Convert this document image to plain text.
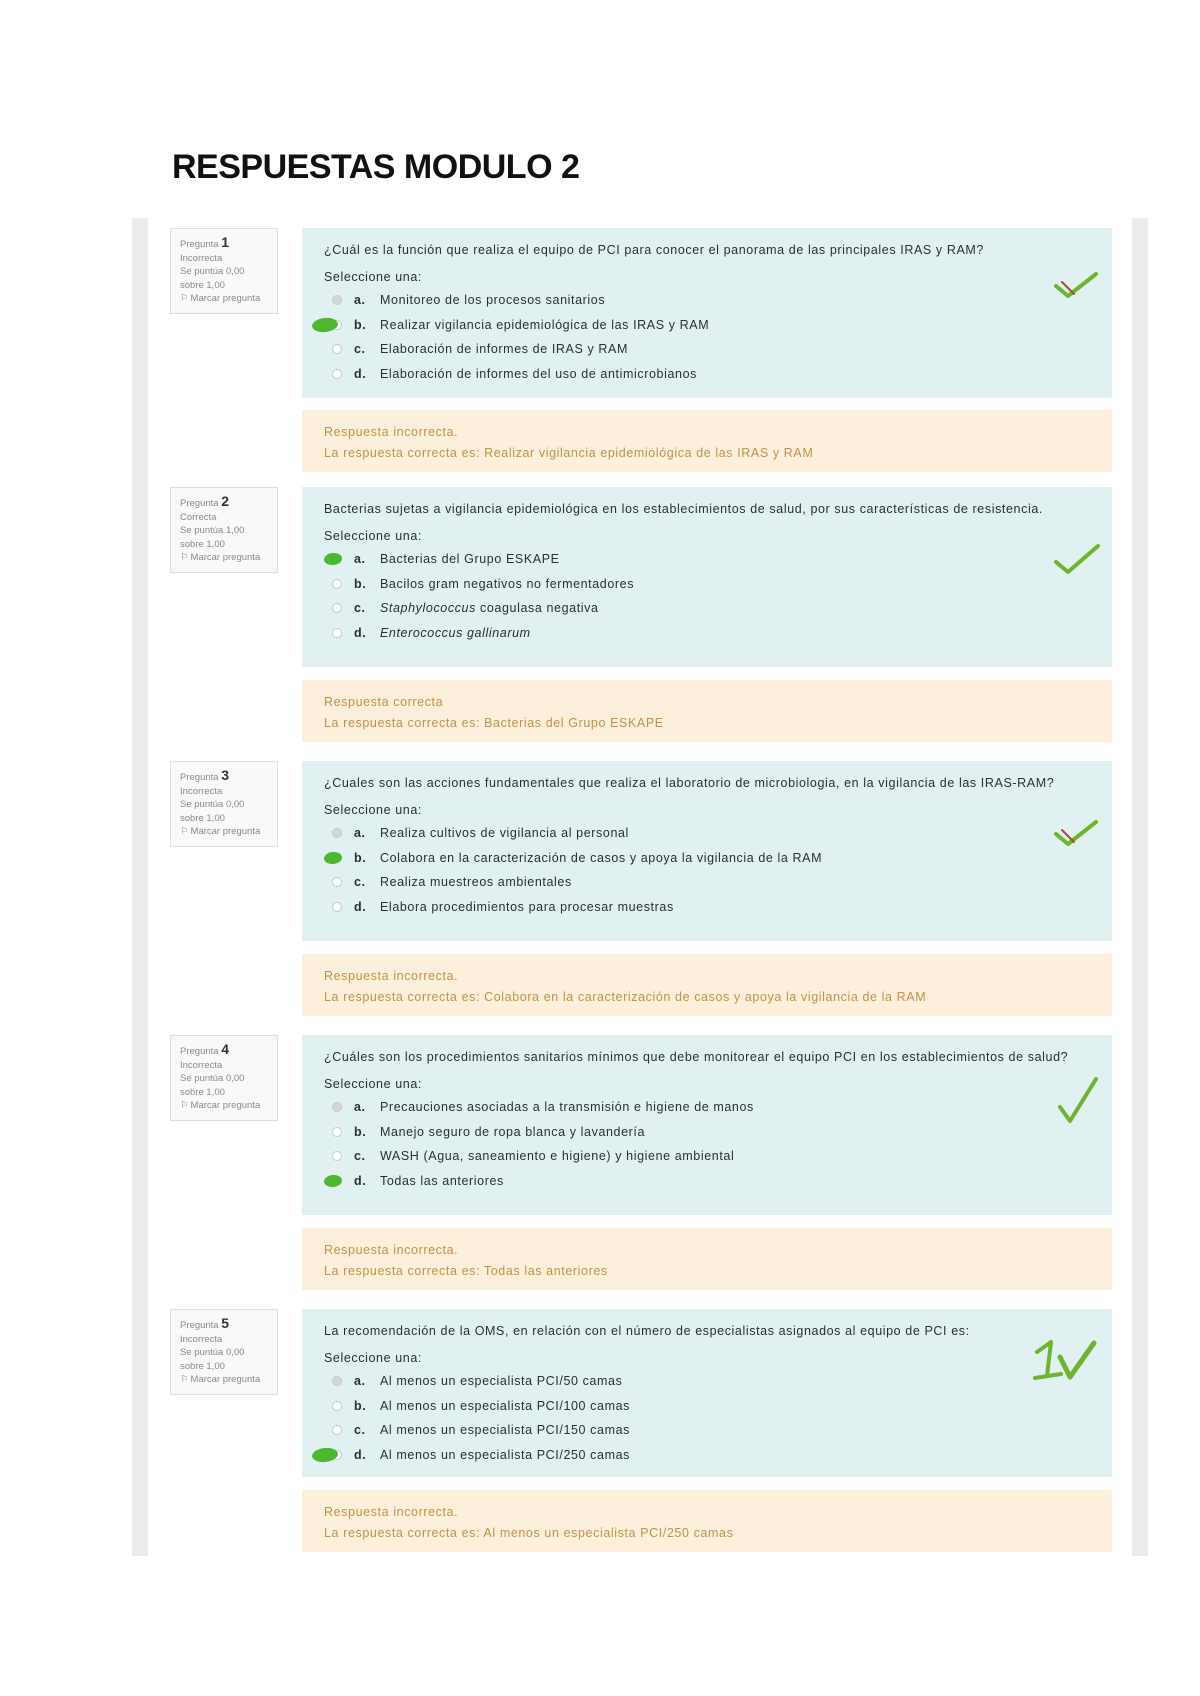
RESPUESTAS MODULO 2
Pregunta 1
Incorrecta
Se puntúa 0,00 sobre 1,00
⚐ Marcar pregunta

¿Cuál es la función que realiza el equipo de PCI para conocer el panorama de las principales IRAS y RAM?

Seleccione una:

a. Monitoreo de los procesos sanitarios
b. Realizar vigilancia epidemiológica de las IRAS y RAM
c. Elaboración de informes de IRAS y RAM
d. Elaboración de informes del uso de antimicrobianos
Respuesta incorrecta.
La respuesta correcta es: Realizar vigilancia epidemiológica de las IRAS y RAM
Pregunta 2
Correcta
Se puntúa 1,00 sobre 1,00
⚐ Marcar pregunta

Bacterias sujetas a vigilancia epidemiológica en los establecimientos de salud, por sus características de resistencia.

Seleccione una:

a. Bacterias del Grupo ESKAPE
b. Bacilos gram negativos no fermentadores
c. Staphylococcus coagulasa negativa
d. Enterococcus gallinarum
Respuesta correcta
La respuesta correcta es: Bacterias del Grupo ESKAPE
Pregunta 3
Incorrecta
Se puntúa 0,00 sobre 1,00
⚐ Marcar pregunta

¿Cuales son las acciones fundamentales que realiza el laboratorio de microbiologia, en la vigilancia de las IRAS-RAM?

Seleccione una:

a. Realiza cultivos de vigilancia al personal
b. Colabora en la caracterización de casos y apoya la vigilancia de la RAM
c. Realiza muestreos ambientales
d. Elabora procedimientos para procesar muestras
Respuesta incorrecta.
La respuesta correcta es: Colabora en la caracterización de casos y apoya la vigilancia de la RAM
Pregunta 4
Incorrecta
Se puntúa 0,00 sobre 1,00
⚐ Marcar pregunta

¿Cuáles son los procedimientos sanitarios mínimos que debe monitorear el equipo PCI en los establecimientos de salud?

Seleccione una:

a. Precauciones asociadas a la transmisión e higiene de manos
b. Manejo seguro de ropa blanca y lavandería
c. WASH (Agua, saneamiento e higiene) y higiene ambiental
d. Todas las anteriores
Respuesta incorrecta.
La respuesta correcta es: Todas las anteriores
Pregunta 5
Incorrecta
Se puntúa 0,00 sobre 1,00
⚐ Marcar pregunta

La recomendación de la OMS, en relación con el número de especialistas asignados al equipo de PCI es:

Seleccione una:

a. Al menos un especialista PCI/50 camas
b. Al menos un especialista PCI/100 camas
c. Al menos un especialista PCI/150 camas
d. Al menos un especialista PCI/250 camas
Respuesta incorrecta.
La respuesta correcta es: Al menos un especialista PCI/250 camas
